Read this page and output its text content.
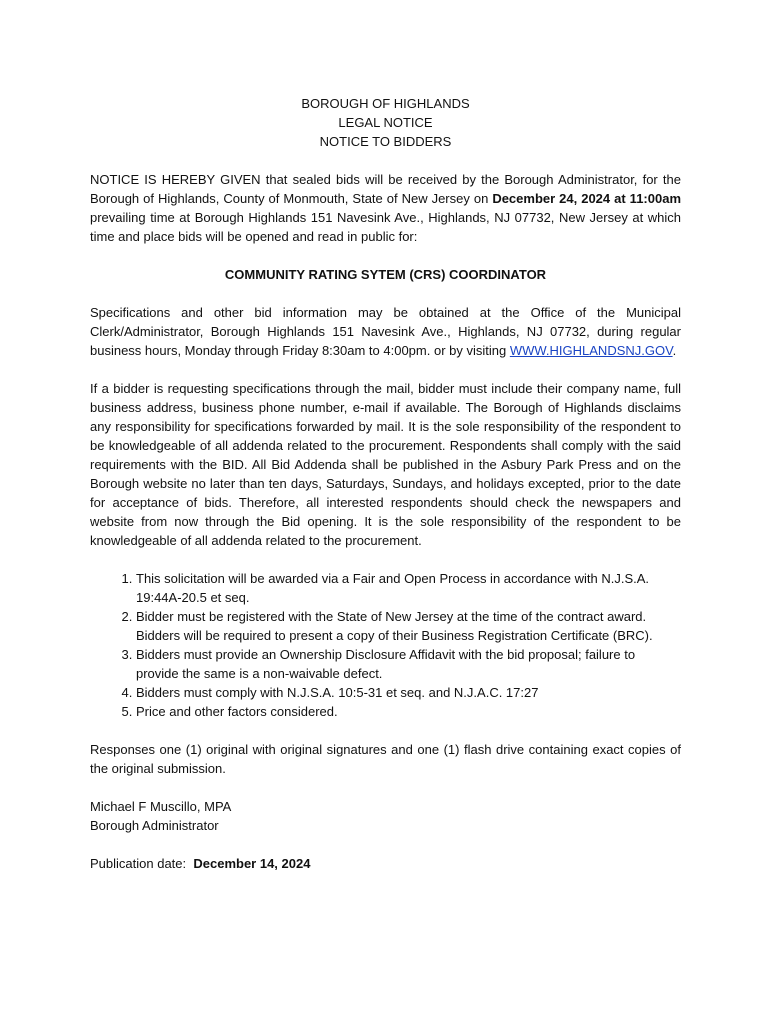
BOROUGH OF HIGHLANDS
LEGAL NOTICE
NOTICE TO BIDDERS

NOTICE IS HEREBY GIVEN that sealed bids will be received by the Borough Administrator, for the Borough of Highlands, County of Monmouth, State of New Jersey on December 24, 2024 at 11:00am prevailing time at Borough Highlands 151 Navesink Ave., Highlands, NJ 07732, New Jersey at which time and place bids will be opened and read in public for:

COMMUNITY RATING SYTEM (CRS) COORDINATOR

Specifications and other bid information may be obtained at the Office of the Municipal Clerk/Administrator, Borough Highlands 151 Navesink Ave., Highlands, NJ 07732, during regular business hours, Monday through Friday 8:30am to 4:00pm. or by visiting WWW.HIGHLANDSNJ.GOV.

If a bidder is requesting specifications through the mail, bidder must include their company name, full business address, business phone number, e-mail if available. The Borough of Highlands disclaims any responsibility for specifications forwarded by mail. It is the sole responsibility of the respondent to be knowledgeable of all addenda related to the procurement. Respondents shall comply with the said requirements with the BID. All Bid Addenda shall be published in the Asbury Park Press and on the Borough website no later than ten days, Saturdays, Sundays, and holidays excepted, prior to the date for acceptance of bids. Therefore, all interested respondents should check the newspapers and website from now through the Bid opening. It is the sole responsibility of the respondent to be knowledgeable of all addenda related to the procurement.

1. This solicitation will be awarded via a Fair and Open Process in accordance with N.J.S.A. 19:44A-20.5 et seq.
2. Bidder must be registered with the State of New Jersey at the time of the contract award. Bidders will be required to present a copy of their Business Registration Certificate (BRC).
3. Bidders must provide an Ownership Disclosure Affidavit with the bid proposal; failure to provide the same is a non-waivable defect.
4. Bidders must comply with N.J.S.A. 10:5-31 et seq. and N.J.A.C. 17:27
5. Price and other factors considered.

Responses one (1) original with original signatures and one (1) flash drive containing exact copies of the original submission.

Michael F Muscillo, MPA
Borough Administrator
Publication date: December 14, 2024
